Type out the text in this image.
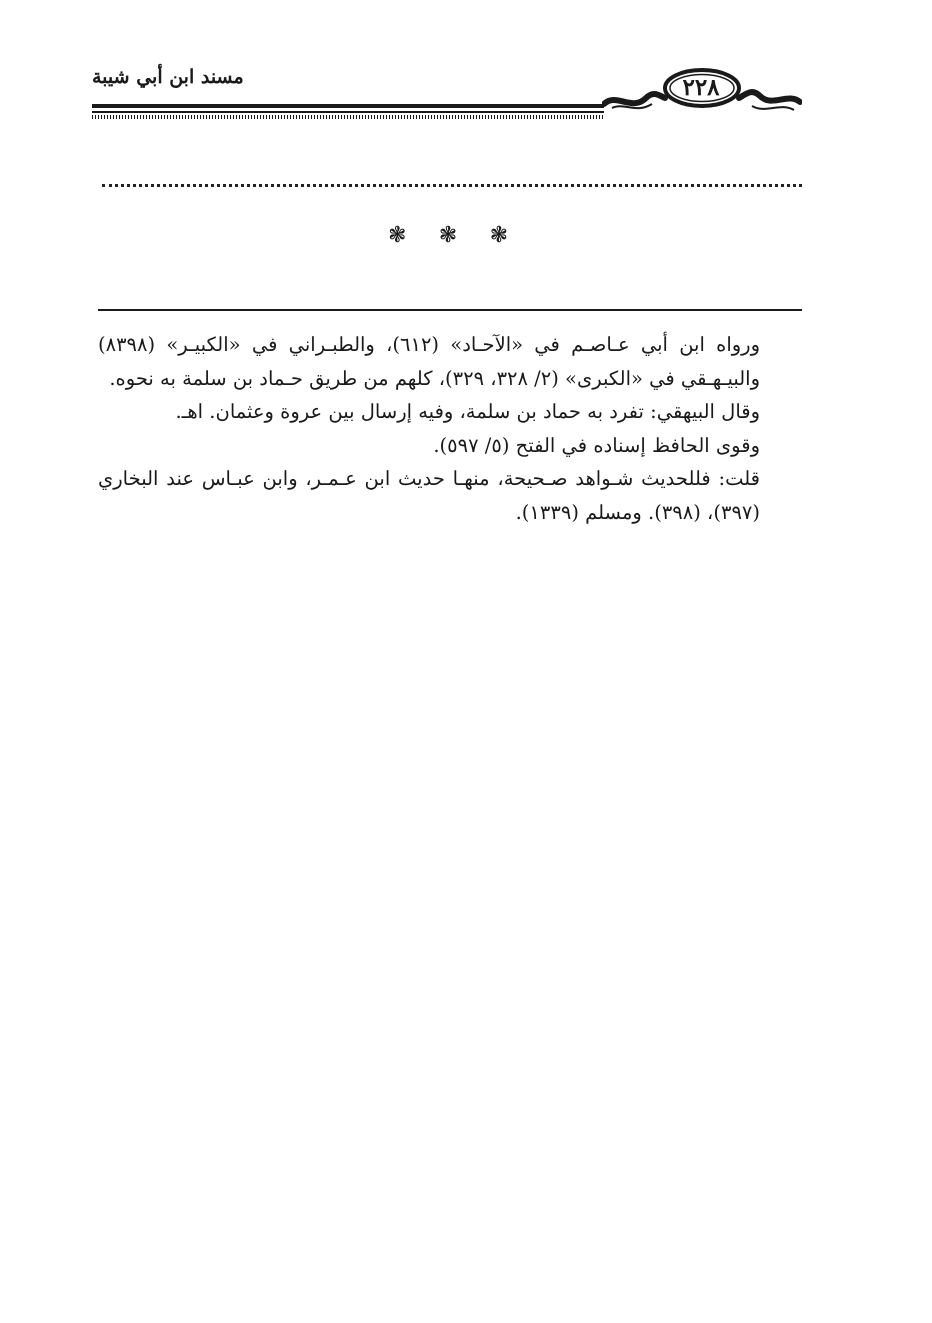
مسند ابن أبي شيبة	٢٢٨
❃ ❃ ❃

ورواه ابن أبي عـاصـم في «الآحـاد» (٦١٢)، والطبـراني في «الكبيـر» (٨٣٩٨) والبيـهـقي في «الكبرى» (٢/ ٣٢٨، ٣٢٩)، كلهم من طريق حـماد بن سلمة به نحوه.

وقال البيهقي: تفرد به حماد بن سلمة، وفيه إرسال بين عروة وعثمان. اهـ.

وقوى الحافظ إسناده في الفتح (٥/ ٥٩٧).

قلت: فللحديث شـواهد صـحيحة، منهـا حديث ابن عـمـر، وابن عبـاس عند البخاري (٣٩٧)، (٣٩٨). ومسلم (١٣٣٩).
